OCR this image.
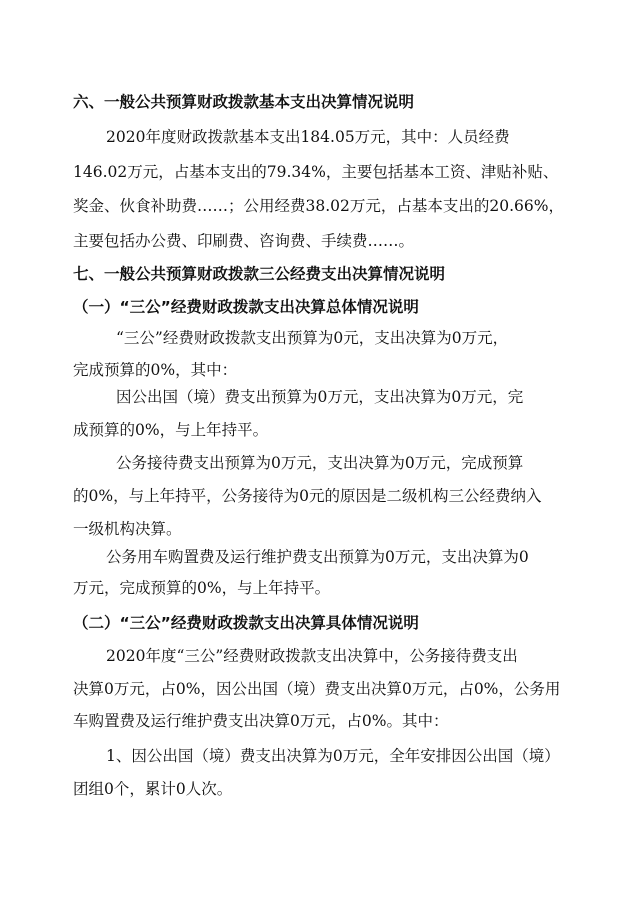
六、一般公共预算财政拨款基本支出决算情况说明
2020年度财政拨款基本支出184.05万元，其中：人员经费
146.02万元，占基本支出的79.34%，主要包括基本工资、津贴补贴、
奖金、伙食补助费……；公用经费38.02万元，占基本支出的20.66%，
主要包括办公费、印刷费、咨询费、手续费……。
七、一般公共预算财政拨款三公经费支出决算情况说明
（一）“三公”经费财政拨款支出决算总体情况说明
“三公”经费财政拨款支出预算为0元，支出决算为0万元，
完成预算的0%，其中：
因公出国（境）费支出预算为0万元，支出决算为0万元，完
成预算的0%，与上年持平。
公务接待费支出预算为0万元，支出决算为0万元，完成预算
的0%，与上年持平，公务接待为0元的原因是二级机构三公经费纳入
一级机构决算。
公务用车购置费及运行维护费支出预算为0万元，支出决算为0
万元，完成预算的0%，与上年持平。
（二）“三公”经费财政拨款支出决算具体情况说明
2020年度“三公”经费财政拨款支出决算中，公务接待费支出
决算0万元，占0%，因公出国（境）费支出决算0万元，占0%，公务用
车购置费及运行维护费支出决算0万元，占0%。其中：
1、因公出国（境）费支出决算为0万元，全年安排因公出国（境）
团组0个，累计0人次。
